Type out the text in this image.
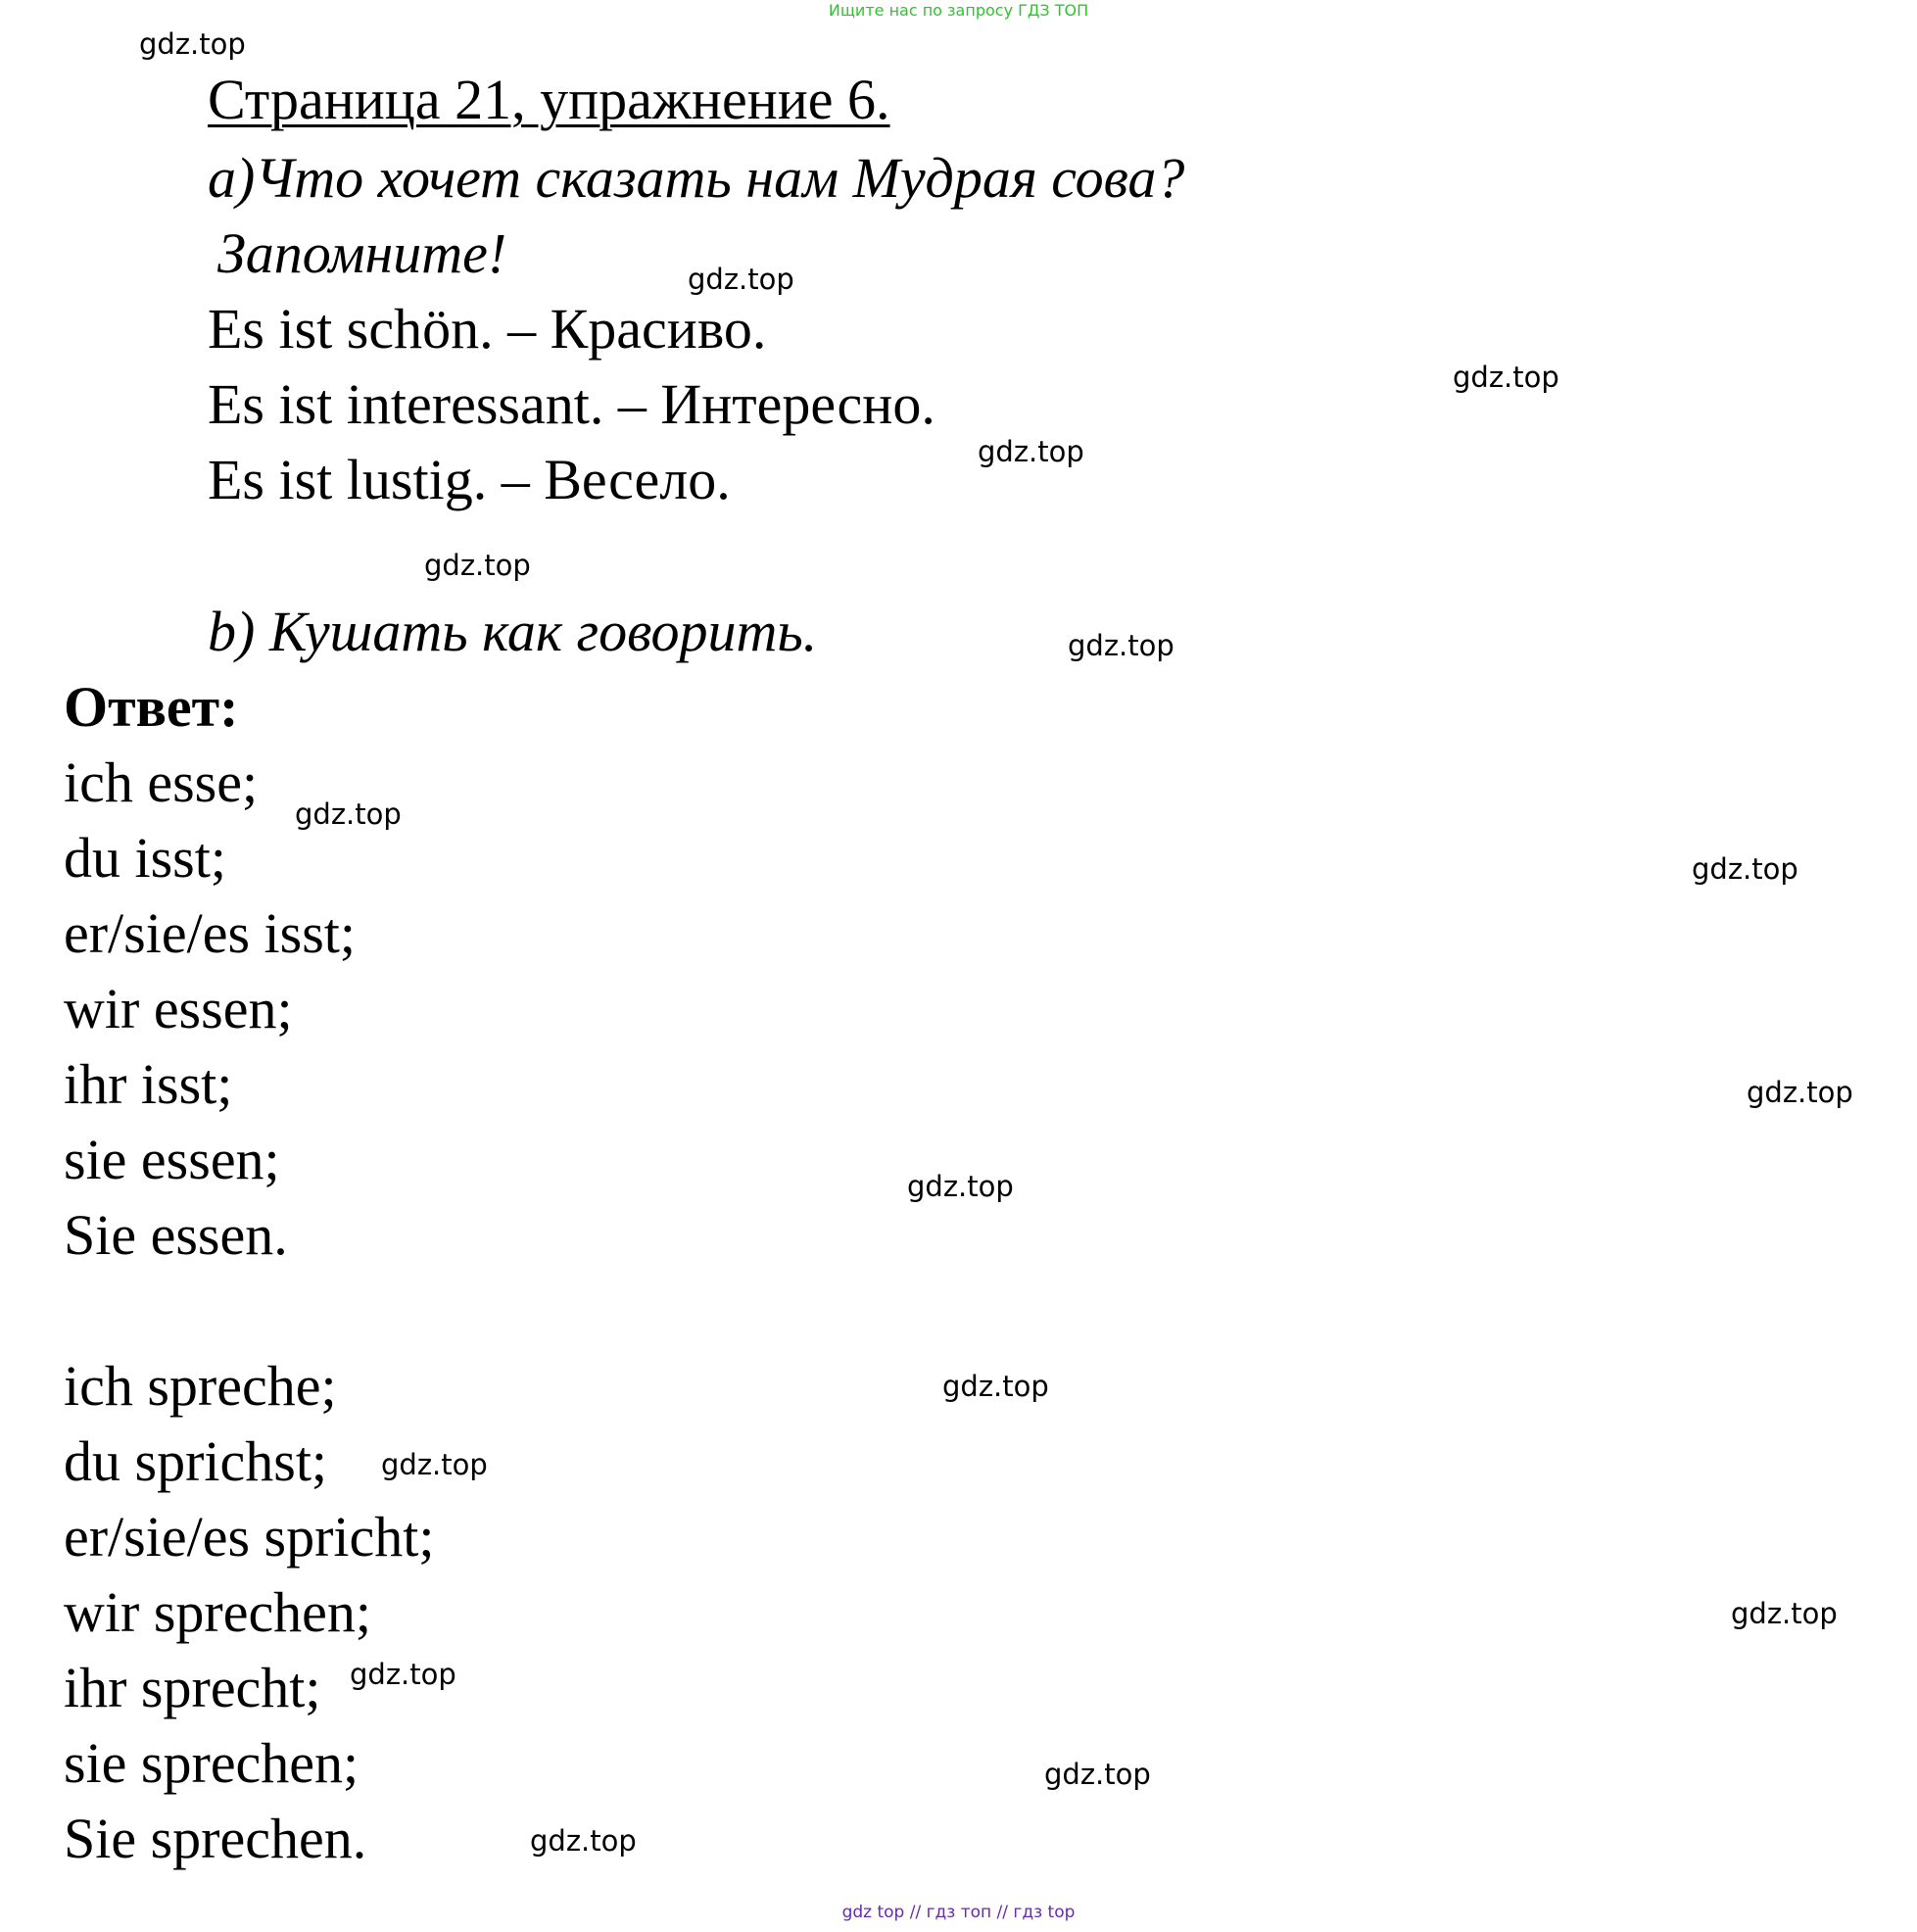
Ищите нас по запросу ГДЗ ТОП
Страница 21, упражнение 6.
a)Что хочет сказать нам Мудрая сова?
Запомните!
Es ist schön. – Красиво.
Es ist interessant. – Интересно.
Es ist lustig. – Весело.
b) Кушать как говорить.
Ответ:
ich esse;
du isst;
er/sie/es isst;
wir essen;
ihr isst;
sie essen;
Sie essen.
ich spreche;
du sprichst;
er/sie/es spricht;
wir sprechen;
ihr sprecht;
sie sprechen;
Sie sprechen.
gdz.top
gdz.top
gdz.top
gdz.top
gdz.top
gdz.top
gdz.top
gdz.top
gdz.top
gdz.top
gdz.top
gdz.top
gdz.top
gdz.top
gdz.top
gdz.top
gdz top // гдз топ // гдз top
